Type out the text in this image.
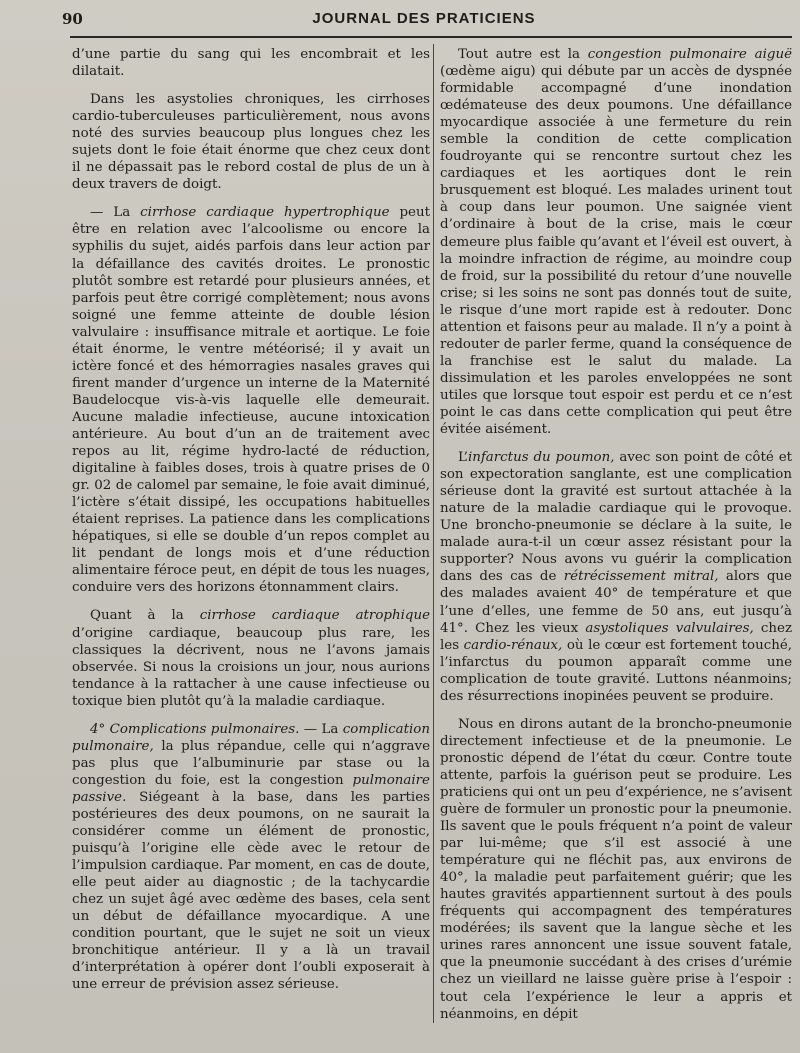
90	JOURNAL DES PRATICIENS

d’une partie du sang qui les encombrait et les dilatait.

Dans les asystolies chroniques, les cirrhoses cardio-tuberculeuses particulièrement, nous avons noté des survies beaucoup plus longues chez les sujets dont le foie était énorme que chez ceux dont il ne dépassait pas le rebord costal de plus de un à deux travers de doigt.

— La cirrhose cardiaque hypertrophique peut être en relation avec l’alcoolisme ou encore la syphilis du sujet, aidés parfois dans leur action par la défaillance des cavités droites. Le pronostic plutôt sombre est retardé pour plusieurs années, et parfois peut être corrigé complètement; nous avons soigné une femme atteinte de double lésion valvulaire : insuffisance mitrale et aortique. Le foie était énorme, le ventre météorisé; il y avait un ictère foncé et des hémorragies nasales graves qui firent mander d’urgence un interne de la Maternité Baudelocque vis-à-vis laquelle elle demeurait. Aucune maladie infectieuse, aucune intoxication antérieure. Au bout d’un an de traitement avec repos au lit, régime hydro-lacté de réduction, digitaline à faibles doses, trois à quatre prises de 0 gr. 02 de calomel par semaine, le foie avait diminué, l’ictère s’était dissipé, les occupations habituelles étaient reprises. La patience dans les complications hépatiques, si elle se double d’un repos complet au lit pendant de longs mois et d’une réduction alimentaire féroce peut, en dépit de tous les nuages, conduire vers des horizons étonnamment clairs.

Quant à la cirrhose cardiaque atrophique d’origine cardiaque, beaucoup plus rare, les classiques la décrivent, nous ne l’avons jamais observée. Si nous la croisions un jour, nous aurions tendance à la rattacher à une cause infectieuse ou toxique bien plutôt qu’à la maladie cardiaque.

4° Complications pulmonaires. — La complication pulmonaire, la plus répandue, celle qui n’aggrave pas plus que l’albuminurie par stase ou la congestion du foie, est la congestion pulmonaire passive. Siégeant à la base, dans les parties postérieures des deux poumons, on ne saurait la considérer comme un élément de pronostic, puisqu’à l’origine elle cède avec le retour de l’impulsion cardiaque. Par moment, en cas de doute, elle peut aider au diagnostic ; de la tachycardie chez un sujet âgé avec œdème des bases, cela sent un début de défaillance myocardique. A une condition pourtant, que le sujet ne soit un vieux bronchitique antérieur. Il y a là un travail d’interprétation à opérer dont l’oubli exposerait à une erreur de prévision assez sérieuse.

Tout autre est la congestion pulmonaire aiguë (œdème aigu) qui débute par un accès de dyspnée formidable accompagné d’une inondation œdémateuse des deux poumons. Une défaillance myocardique associée à une fermeture du rein semble la condition de cette complication foudroyante qui se rencontre surtout chez les cardiaques et les aortiques dont le rein brusquement est bloqué. Les malades urinent tout à coup dans leur poumon. Une saignée vient d’ordinaire à bout de la crise, mais le cœur demeure plus faible qu’avant et l’éveil est ouvert, à la moindre infraction de régime, au moindre coup de froid, sur la possibilité du retour d’une nouvelle crise; si les soins ne sont pas donnés tout de suite, le risque d’une mort rapide est à redouter. Donc attention et faisons peur au malade. Il n’y a point à redouter de parler ferme, quand la conséquence de la franchise est le salut du malade. La dissimulation et les paroles enveloppées ne sont utiles que lorsque tout espoir est perdu et ce n’est point le cas dans cette complication qui peut être évitée aisément.

L’infarctus du poumon, avec son point de côté et son expectoration sanglante, est une complication sérieuse dont la gravité est surtout attachée à la nature de la maladie cardiaque qui le provoque. Une broncho-pneumonie se déclare à la suite, le malade aura-t-il un cœur assez résistant pour la supporter? Nous avons vu guérir la complication dans des cas de rétrécissement mitral, alors que des malades avaient 40° de température et que l’une d’elles, une femme de 50 ans, eut jusqu’à 41°. Chez les vieux asystoliques valvulaires, chez les cardio-rénaux, où le cœur est fortement touché, l’infarctus du poumon apparaît comme une complication de toute gravité. Luttons néanmoins; des résurrections inopinées peuvent se produire.

Nous en dirons autant de la broncho-pneumonie directement infectieuse et de la pneumonie. Le pronostic dépend de l’état du cœur. Contre toute attente, parfois la guérison peut se produire. Les praticiens qui ont un peu d’expérience, ne s’avisent guère de formuler un pronostic pour la pneumonie. Ils savent que le pouls fréquent n’a point de valeur par lui-même; que s’il est associé à une température qui ne fléchit pas, aux environs de 40°, la maladie peut parfaitement guérir; que les hautes gravités appartiennent surtout à des pouls fréquents qui accompagnent des températures modérées; ils savent que la langue sèche et les urines rares annoncent une issue souvent fatale, que la pneumonie succédant à des crises d’urémie chez un vieillard ne laisse guère prise à l’espoir : tout cela l’expérience le leur a appris et néanmoins, en dépit
